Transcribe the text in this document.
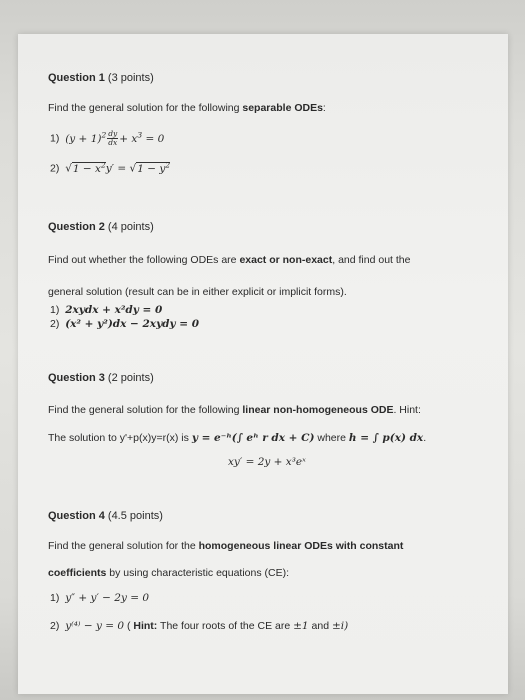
Question 1 (3 points)
Find the general solution for the following separable ODEs:
1) $(y + 1)^2 \frac{dy}{dx} + x^3 = 0$
2) $√1 - x^2y' = √1 - y^2$
Question 2 (4 points)
Find out whether the following ODEs are exact or non-exact, and find out the
general solution (result can be in either explicit or implicit forms).
1) 2xydx + x²dy = 0
2) (x² + y²)dx − 2xydy = 0
Question 3 (2 points)
Find the general solution for the following linear non-homogeneous ODE. Hint:
The solution to y'+p(x)y=r(x) is y = e⁻ʰ(∫ eʰ r dx + C) where h = ∫ p(x) dx.
xy′ = 2y + x³eˣ
Question 4 (4.5 points)
Find the general solution for the homogeneous linear ODEs with constant
coefficients by using characteristic equations (CE):
1) y″ + y′ − 2y = 0
2) y⁽⁴⁾ − y = 0 ( Hint: The four roots of the CE are ±1 and ±i)
